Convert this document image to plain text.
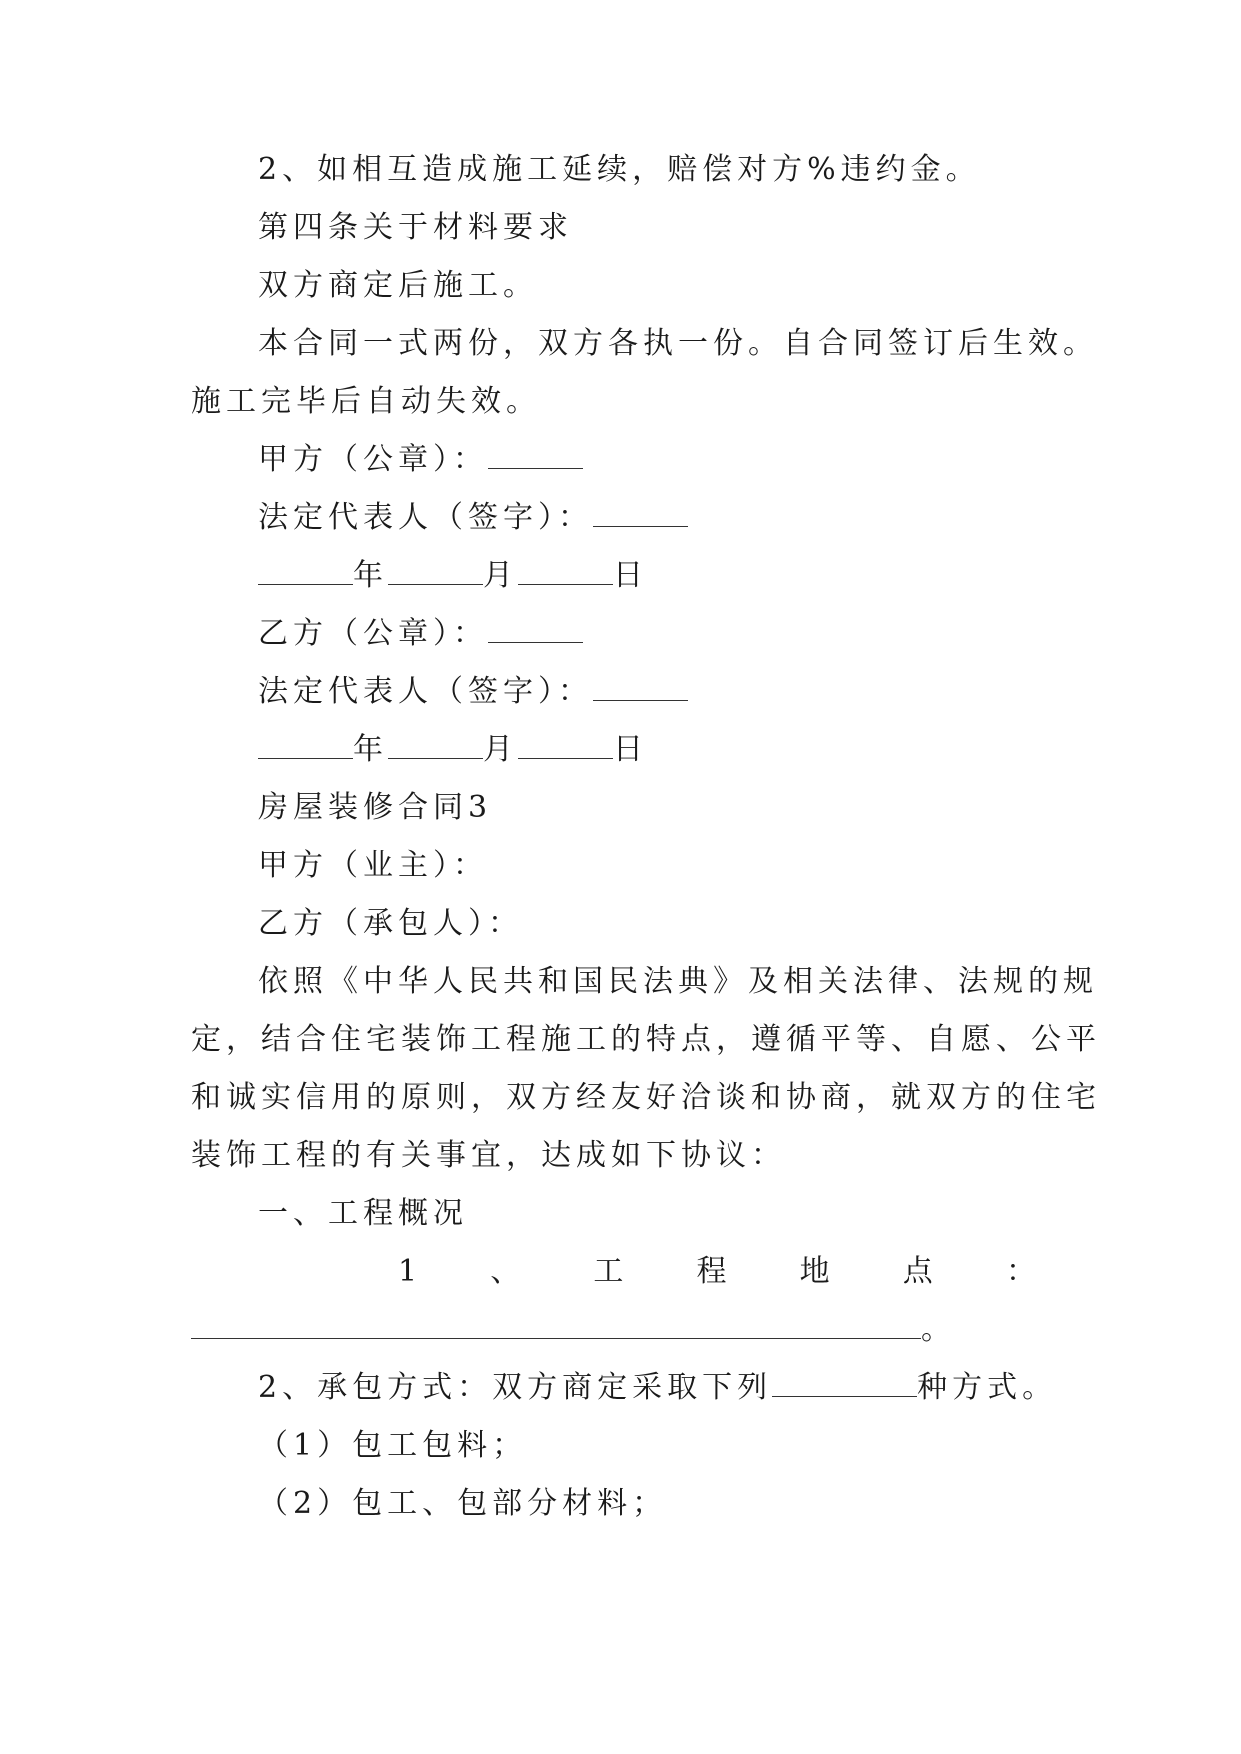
2、如相互造成施工延续，赔偿对方%违约金。
第四条关于材料要求
双方商定后施工。
本合同一式两份，双方各执一份。自合同签订后生效。
施工完毕后自动失效。
甲方（公章）：
法定代表人（签字）：
年	月	日
乙方（公章）：
法定代表人（签字）：
年	月	日
房屋装修合同3
甲方（业主）：
乙方（承包人）：
依照《中华人民共和国民法典》及相关法律、法规的规
定，结合住宅装饰工程施工的特点，遵循平等、自愿、公平
和诚实信用的原则，双方经友好洽谈和协商，就双方的住宅
装饰工程的有关事宜，达成如下协议：
一、工程概况
1 、 工 程 地 点 ：
。
2、承包方式：双方商定采取下列	种方式。
（1）包工包料；
（2）包工、包部分材料；
